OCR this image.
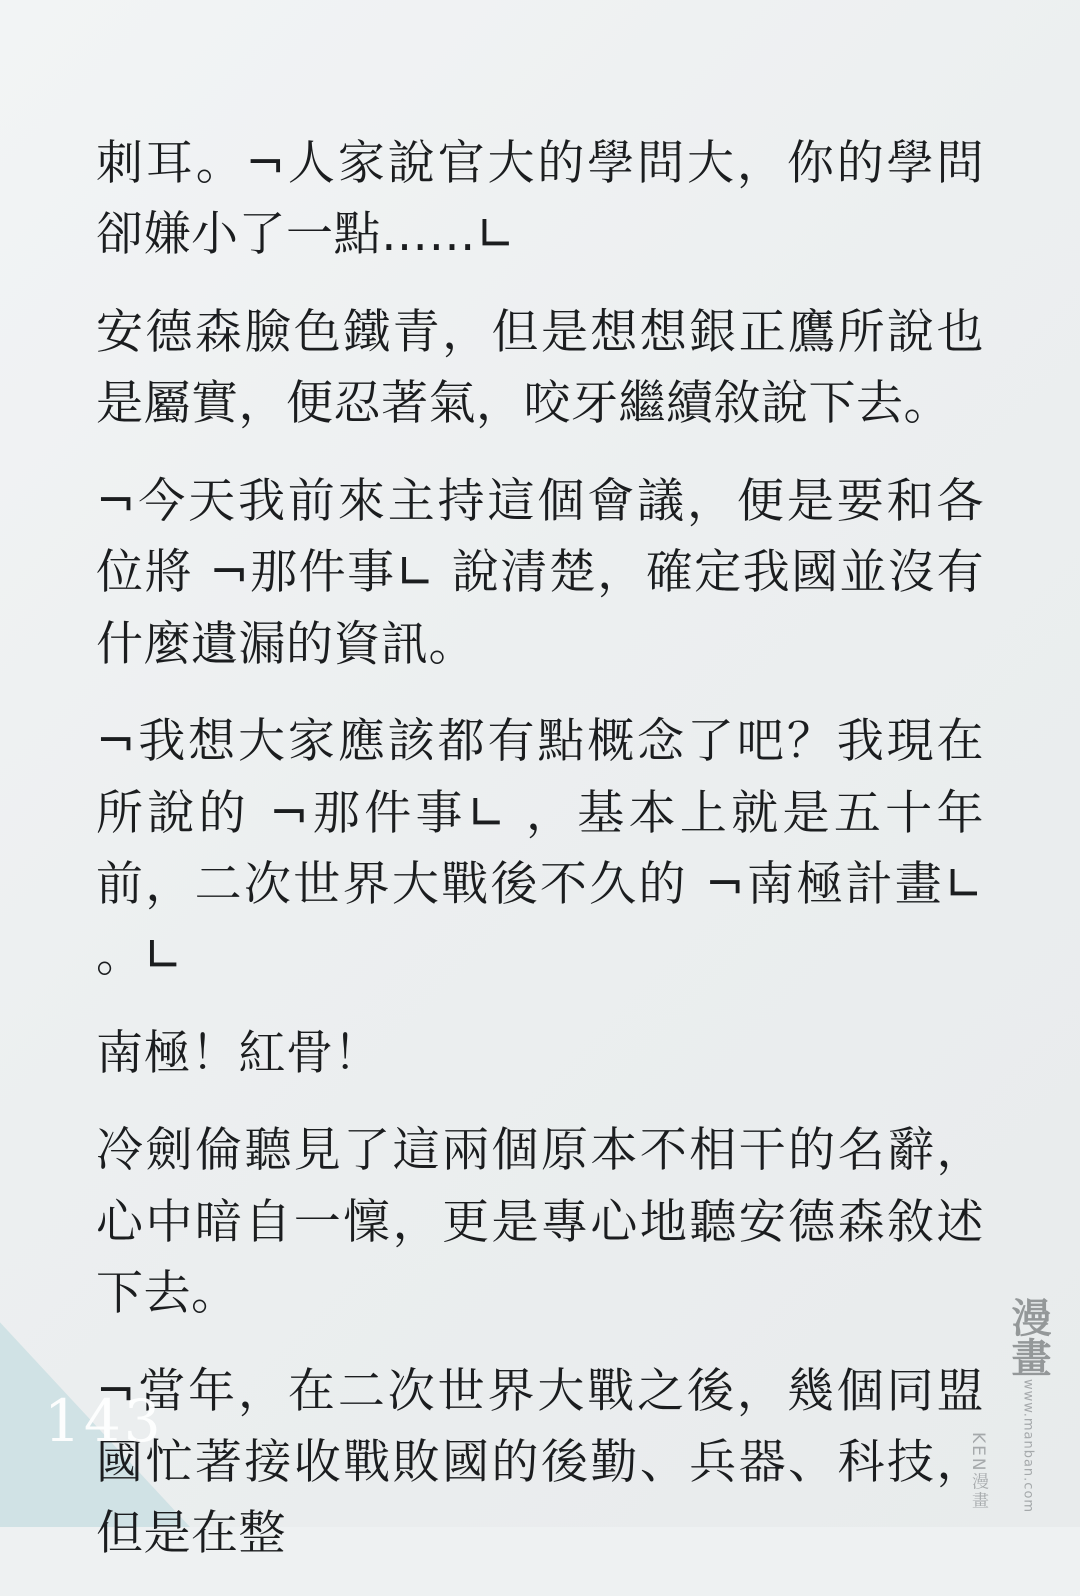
刺耳。¬人家說官大的學問大，你的學問卻嫌小了一點……∟

安德森臉色鐵青，但是想想銀正鷹所說也是屬實，便忍著氣，咬牙繼續敘說下去。

¬今天我前來主持這個會議，便是要和各位將 ¬那件事∟ 說清楚，確定我國並沒有什麼遺漏的資訊。

¬我想大家應該都有點概念了吧？我現在所說的 ¬那件事∟ ，基本上就是五十年前，二次世界大戰後不久的 ¬南極計畫∟ 。∟

南極！紅骨！

冷劍倫聽見了這兩個原本不相干的名辭，心中暗自一懍，更是專心地聽安德森敘述下去。

¬當年，在二次世界大戰之後，幾個同盟國忙著接收戰敗國的後勤、兵器、科技，但是在整

143
KEN漫畫
漫畫
www.manban.com
